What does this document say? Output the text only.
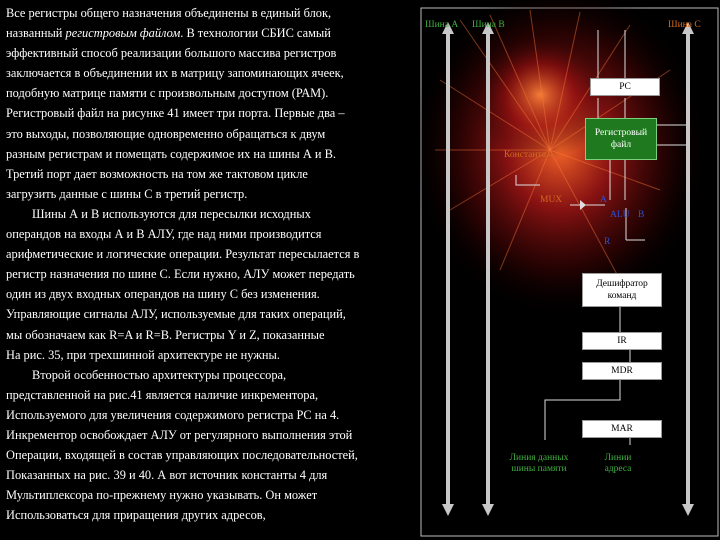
Все регистры общего назначения объединены в единый блок,

названный регистровым файлом. В технологии СБИС самый

эффективный способ реализации большого массива регистров

заключается в объединении их в матрицу запоминающих ячеек,

подобную матрице памяти с произвольным доступом (РАМ).

Регистровый файл на рисунке 41 имеет три порта. Первые два –

это выходы, позволяющие одновременно обращаться к двум

разным регистрам и помещать содержимое их на шины А и В.

Третий порт дает возможность на том же тактовом цикле

загрузить данные с шины С в третий регистр.

Шины А и В используются для пересылки исходных

операндов на входы А и В АЛУ, где над ними производится

арифметические и логические операции. Результат пересылается в

регистр назначения по шине С. Если нужно, АЛУ может передать

один из двух входных операндов на шину С без изменения.

Управляющие сигналы АЛУ, используемые для таких операций,

мы обозначаем как R=A и R=B. Регистры Y и Z, показанные

На рис. 35, при трехшинной архитектуре не нужны.

Второй особенностью архитектуры процессора,

представленной на рис.41 является наличие инкрементора,

Используемого для увеличения содержимого регистра PC на 4.

Инкрементор освобождает АЛУ от регулярного выполнения этой

Операции, входящей в состав управляющих последовательностей,

Показанных на рис. 39 и 40. А вот источник константы 4 для

Мультиплексора по-прежнему нужно указывать. Он может

Использоваться для приращения других адресов,

Шина А Шина В	Шина С
PC
Регистровый файл
Константа 4
MUX	A
ALU B
R
Дешифратор команд
IR
MDR
MAR
Линия данных шины памяти
Линии адреса
